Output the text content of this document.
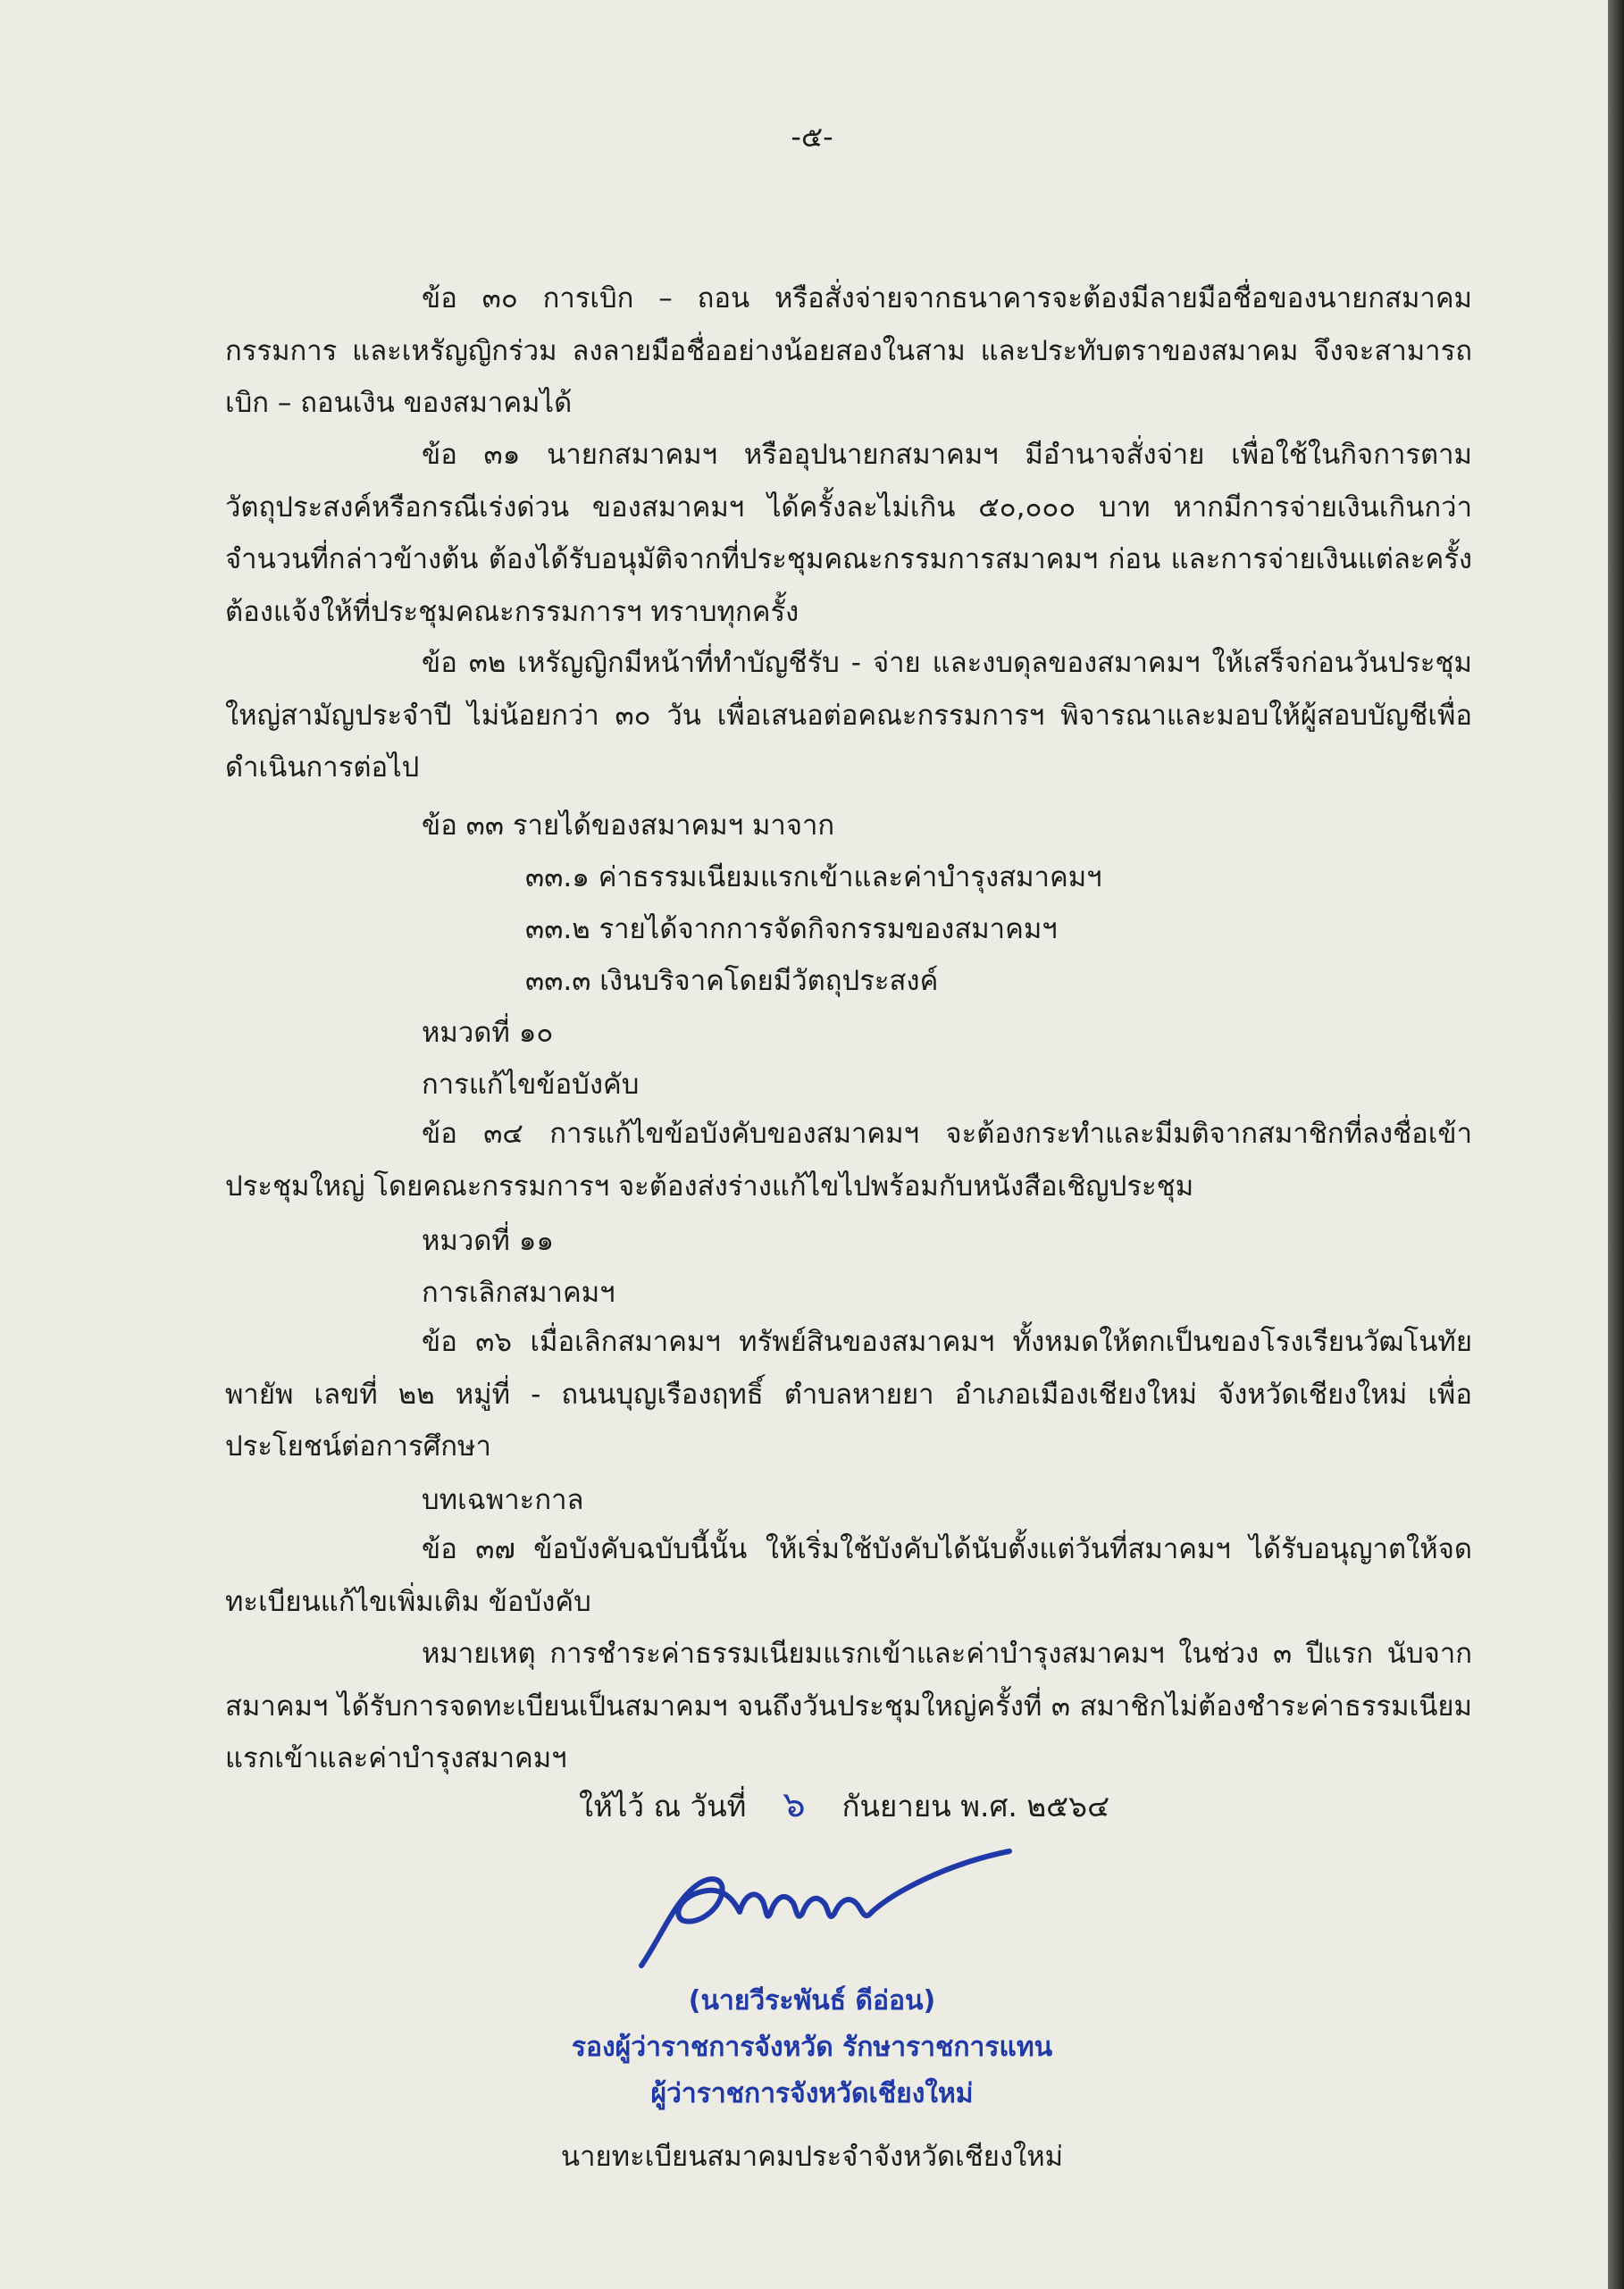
-๕-

ข้อ ๓๐ การเบิก – ถอน หรือสั่งจ่ายจากธนาคารจะต้องมีลายมือชื่อของนายกสมาคม กรรมการ และเหรัญญิกร่วม ลงลายมือชื่ออย่างน้อยสองในสาม และประทับตราของสมาคม จึงจะสามารถเบิก – ถอนเงิน ของสมาคมได้

ข้อ ๓๑ นายกสมาคมฯ หรืออุปนายกสมาคมฯ มีอำนาจสั่งจ่าย เพื่อใช้ในกิจการตามวัตถุประสงค์หรือกรณีเร่งด่วน ของสมาคมฯ ได้ครั้งละไม่เกิน ๕๐,๐๐๐ บาท หากมีการจ่ายเงินเกินกว่าจำนวนที่กล่าวข้างต้น ต้องได้รับอนุมัติจากที่ประชุมคณะกรรมการสมาคมฯ ก่อน และการจ่ายเงินแต่ละครั้งต้องแจ้งให้ที่ประชุมคณะกรรมการฯ ทราบทุกครั้ง

ข้อ ๓๒ เหรัญญิกมีหน้าที่ทำบัญชีรับ - จ่าย และงบดุลของสมาคมฯ ให้เสร็จก่อนวันประชุมใหญ่สามัญประจำปี ไม่น้อยกว่า ๓๐ วัน เพื่อเสนอต่อคณะกรรมการฯ พิจารณาและมอบให้ผู้สอบบัญชีเพื่อดำเนินการต่อไป

ข้อ ๓๓ รายได้ของสมาคมฯ มาจาก
๓๓.๑ ค่าธรรมเนียมแรกเข้าและค่าบำรุงสมาคมฯ
๓๓.๒ รายได้จากการจัดกิจกรรมของสมาคมฯ
๓๓.๓ เงินบริจาคโดยมีวัตถุประสงค์
หมวดที่ ๑๐
การแก้ไขข้อบังคับ

ข้อ ๓๔ การแก้ไขข้อบังคับของสมาคมฯ จะต้องกระทำและมีมติจากสมาชิกที่ลงชื่อเข้าประชุมใหญ่ โดยคณะกรรมการฯ จะต้องส่งร่างแก้ไขไปพร้อมกับหนังสือเชิญประชุม

หมวดที่ ๑๑
การเลิกสมาคมฯ

ข้อ ๓๖ เมื่อเลิกสมาคมฯ ทรัพย์สินของสมาคมฯ ทั้งหมดให้ตกเป็นของโรงเรียนวัฒโนทัยพายัพ เลขที่ ๒๒ หมู่ที่ - ถนนบุญเรืองฤทธิ์ ตำบลหายยา อำเภอเมืองเชียงใหม่ จังหวัดเชียงใหม่ เพื่อประโยชน์ต่อการศึกษา

บทเฉพาะกาล

ข้อ ๓๗ ข้อบังคับฉบับนี้นั้น ให้เริ่มใช้บังคับได้นับตั้งแต่วันที่สมาคมฯ ได้รับอนุญาตให้จดทะเบียนแก้ไขเพิ่มเติม ข้อบังคับ

หมายเหตุ การชำระค่าธรรมเนียมแรกเข้าและค่าบำรุงสมาคมฯ ในช่วง ๓ ปีแรก นับจากสมาคมฯ ได้รับการจดทะเบียนเป็นสมาคมฯ จนถึงวันประชุมใหญ่ครั้งที่ ๓ สมาชิกไม่ต้องชำระค่าธรรมเนียมแรกเข้าและค่าบำรุงสมาคมฯ

ให้ไว้ ณ วันที่ ๖ กันยายน พ.ศ. ๒๕๖๔
(นายวีระพันธ์ ดีอ่อน)
รองผู้ว่าราชการจังหวัด รักษาราชการแทน
ผู้ว่าราชการจังหวัดเชียงใหม่
นายทะเบียนสมาคมประจำจังหวัดเชียงใหม่
